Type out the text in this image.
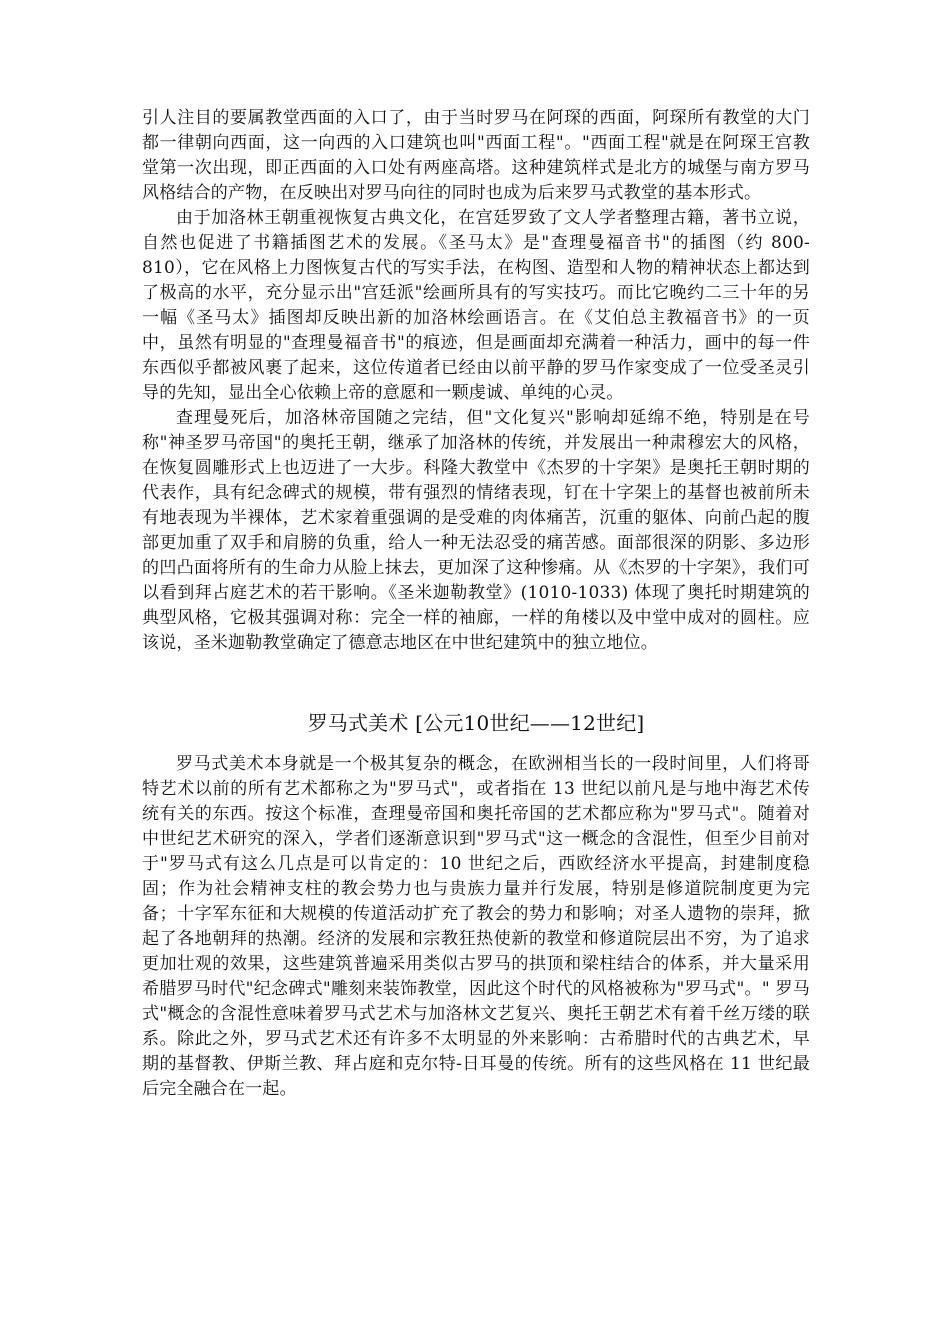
引人注目的要属教堂西面的入口了，由于当时罗马在阿琛的西面，阿琛所有教堂的大门都一律朝向西面，这一向西的入口建筑也叫"西面工程"。"西面工程"就是在阿琛王宫教堂第一次出现，即正西面的入口处有两座高塔。这种建筑样式是北方的城堡与南方罗马风格结合的产物，在反映出对罗马向往的同时也成为后来罗马式教堂的基本形式。

由于加洛林王朝重视恢复古典文化，在宫廷罗致了文人学者整理古籍，著书立说，自然也促进了书籍插图艺术的发展。《圣马太》是"查理曼福音书"的插图（约 800-810），它在风格上力图恢复古代的写实手法，在构图、造型和人物的精神状态上都达到了极高的水平，充分显示出"宫廷派"绘画所具有的写实技巧。而比它晚约二三十年的另一幅《圣马太》插图却反映出新的加洛林绘画语言。在《艾伯总主教福音书》的一页中，虽然有明显的"查理曼福音书"的痕迹，但是画面却充满着一种活力，画中的每一件东西似乎都被风裹了起来，这位传道者已经由以前平静的罗马作家变成了一位受圣灵引导的先知，显出全心依赖上帝的意愿和一颗虔诚、单纯的心灵。

查理曼死后，加洛林帝国随之完结，但"文化复兴"影响却延绵不绝，特别是在号称"神圣罗马帝国"的奥托王朝，继承了加洛林的传统，并发展出一种肃穆宏大的风格，在恢复圆雕形式上也迈进了一大步。科隆大教堂中《杰罗的十字架》是奥托王朝时期的代表作，具有纪念碑式的规模，带有强烈的情绪表现，钉在十字架上的基督也被前所未有地表现为半裸体，艺术家着重强调的是受难的肉体痛苦，沉重的躯体、向前凸起的腹部更加重了双手和肩膀的负重，给人一种无法忍受的痛苦感。面部很深的阴影、多边形的凹凸面将所有的生命力从脸上抹去，更加深了这种惨痛。从《杰罗的十字架》，我们可以看到拜占庭艺术的若干影响。《圣米迦勒教堂》(1010-1033) 体现了奥托时期建筑的典型风格，它极其强调对称：完全一样的袖廊，一样的角楼以及中堂中成对的圆柱。应该说，圣米迦勒教堂确定了德意志地区在中世纪建筑中的独立地位。

罗马式美术 [公元10世纪——12世纪]

罗马式美术本身就是一个极其复杂的概念，在欧洲相当长的一段时间里，人们将哥特艺术以前的所有艺术都称之为"罗马式"，或者指在 13 世纪以前凡是与地中海艺术传统有关的东西。按这个标准，查理曼帝国和奥托帝国的艺术都应称为"罗马式"。随着对中世纪艺术研究的深入，学者们逐渐意识到"罗马式"这一概念的含混性，但至少目前对于"罗马式有这么几点是可以肯定的：10 世纪之后，西欧经济水平提高，封建制度稳固；作为社会精神支柱的教会势力也与贵族力量并行发展，特别是修道院制度更为完备；十字军东征和大规模的传道活动扩充了教会的势力和影响；对圣人遗物的崇拜，掀起了各地朝拜的热潮。经济的发展和宗教狂热使新的教堂和修道院层出不穷，为了追求更加壮观的效果，这些建筑普遍采用类似古罗马的拱顶和梁柱结合的体系，并大量采用希腊罗马时代"纪念碑式"雕刻来装饰教堂，因此这个时代的风格被称为"罗马式"。" 罗马式"概念的含混性意味着罗马式艺术与加洛林文艺复兴、奥托王朝艺术有着千丝万缕的联系。除此之外，罗马式艺术还有许多不太明显的外来影响：古希腊时代的古典艺术，早期的基督教、伊斯兰教、拜占庭和克尔特-日耳曼的传统。所有的这些风格在 11 世纪最后完全融合在一起。
